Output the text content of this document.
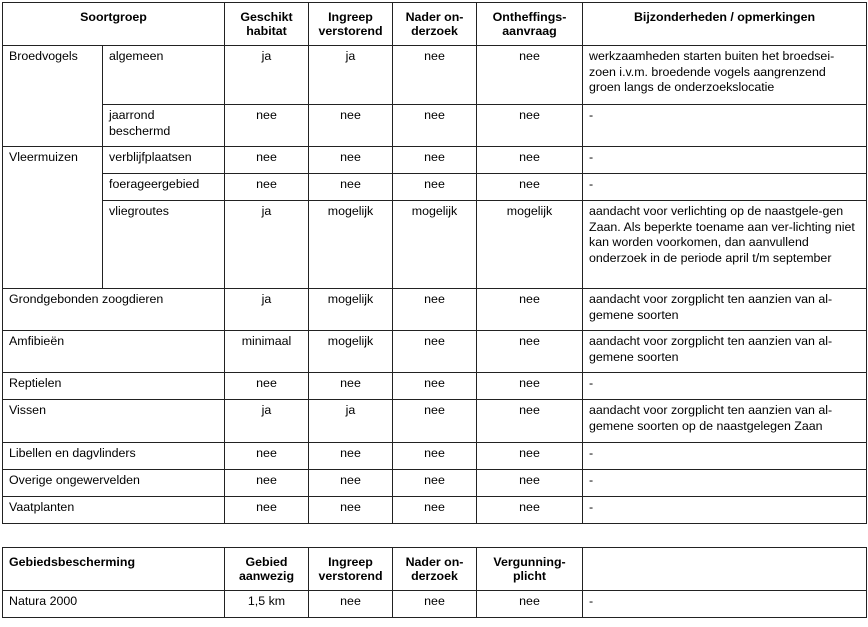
Soortgroep		Geschikt habitat	Ingreep verstorend	Nader on-derzoek	Ontheffings-aanvraag	Bijzonderheden / opmerkingen
Broedvogels	algemeen	ja	ja	nee	nee	werkzaamheden starten buiten het broedsei-zoen i.v.m. broedende vogels aangrenzend groen langs de onderzoekslocatie
	jaarrond beschermd	nee	nee	nee	nee	-
Vleermuizen	verblijfplaatsen	nee	nee	nee	nee	-
	foerageergebied	nee	nee	nee	nee	-
	vliegroutes	ja	mogelijk	mogelijk	mogelijk	aandacht voor verlichting op de naastgele-gen Zaan. Als beperkte toename aan ver-lichting niet kan worden voorkomen, dan aanvullend onderzoek in de periode april t/m september
Grondgebonden zoogdieren		ja	mogelijk	nee	nee	aandacht voor zorgplicht ten aanzien van al-gemene soorten
Amfibieën		minimaal	mogelijk	nee	nee	aandacht voor zorgplicht ten aanzien van al-gemene soorten
Reptielen		nee	nee	nee	nee	-
Vissen		ja	ja	nee	nee	aandacht voor zorgplicht ten aanzien van al-gemene soorten op de naastgelegen Zaan
Libellen en dagvlinders		nee	nee	nee	nee	-
Overige ongewervelden		nee	nee	nee	nee	-
Vaatplanten		nee	nee	nee	nee	-

Gebiedsbescherming		Gebied aanwezig	Ingreep verstorend	Nader on-derzoek	Vergunning-plicht	
Natura 2000		1,5 km	nee	nee	nee	-
